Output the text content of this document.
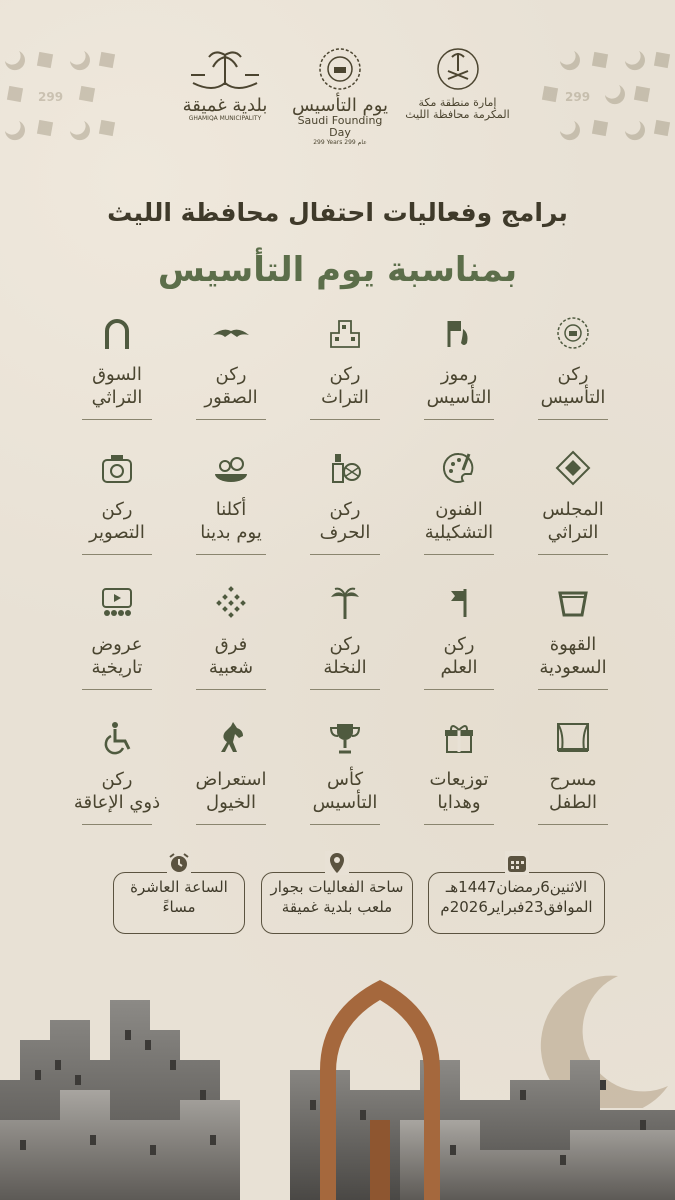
299	299
بلدية غميقة
GHAMIQA MUNICIPALITY
يوم التأسيس
Saudi Founding Day
299 Years 299 عام
إمارة منطقة مكة المكرمة محافظة الليث
برامج وفعاليات احتفال محافظة الليث
بمناسبة يوم التأسيس
ركن
التأسيس
رموز
التأسيس
ركن
التراث
ركن
الصقور
السوق
التراثي
المجلس
التراثي
الفنون
التشكيلية
ركن
الحرف
أكلنا
يوم بدينا
ركن
التصوير
القهوة
السعودية
ركن
العلم
ركن
النخلة
فرق
شعبية
عروض
تاريخية
مسرح
الطفل
توزيعات
وهدايا
كأس
التأسيس
استعراض
الخيول
ركن
ذوي الإعاقة
الاثنين6رمضان1447هـ
الموافق23فبراير2026م
ساحة الفعاليات بجوار
ملعب بلدية غميقة
الساعة العاشرة
مساءً
